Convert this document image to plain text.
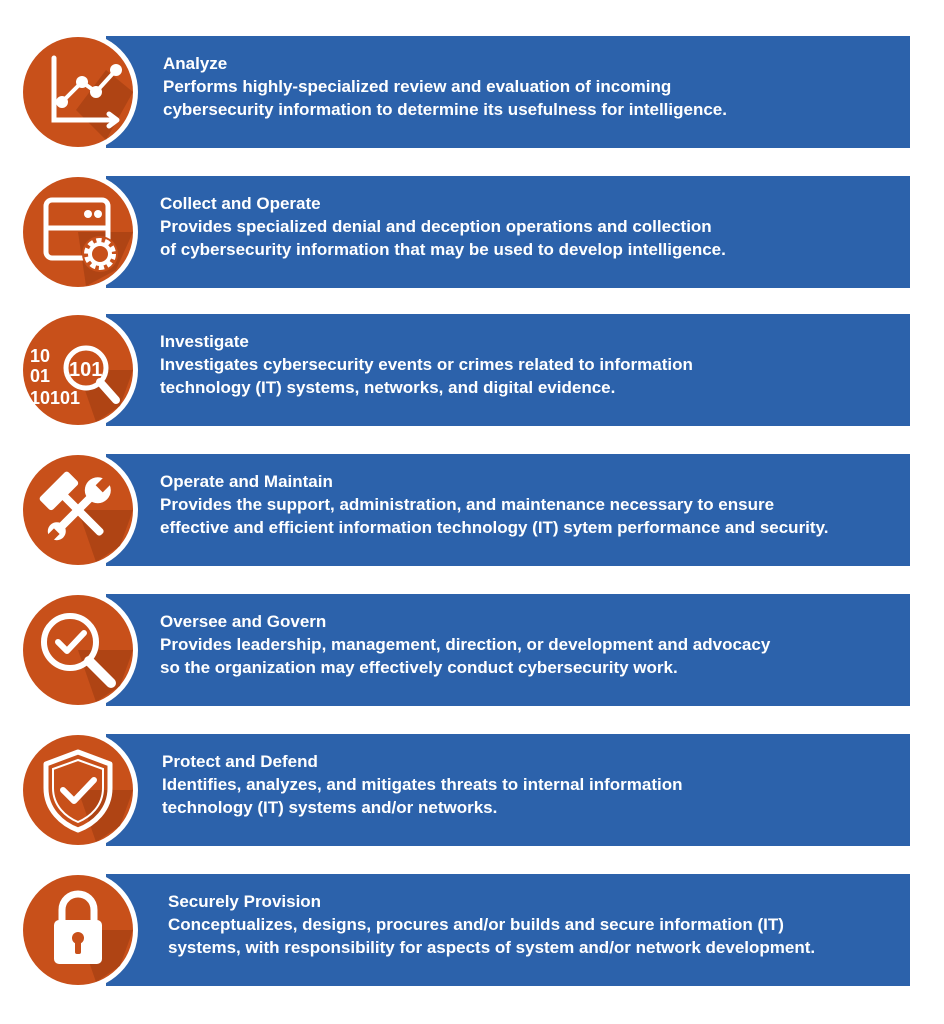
Analyze
Performs highly-specialized review and evaluation of incoming
cybersecurity information to determine its usefulness for intelligence.
Collect and Operate
Provides specialized denial and deception operations and collection
of cybersecurity information that may be used to develop intelligence.
10
01
10101
101
Investigate
Investigates cybersecurity events or crimes related to information
technology (IT) systems, networks, and digital evidence.
Operate and Maintain
Provides the support, administration, and maintenance necessary to ensure
effective and efficient information technology (IT) sytem performance and security.
Oversee and Govern
Provides leadership, management, direction, or development and advocacy
so the organization may effectively conduct cybersecurity work.
Protect and Defend
Identifies, analyzes, and mitigates threats to internal information
technology (IT) systems and/or networks.
Securely Provision
Conceptualizes, designs, procures and/or builds and secure information (IT)
systems, with responsibility for aspects of system and/or network development.
